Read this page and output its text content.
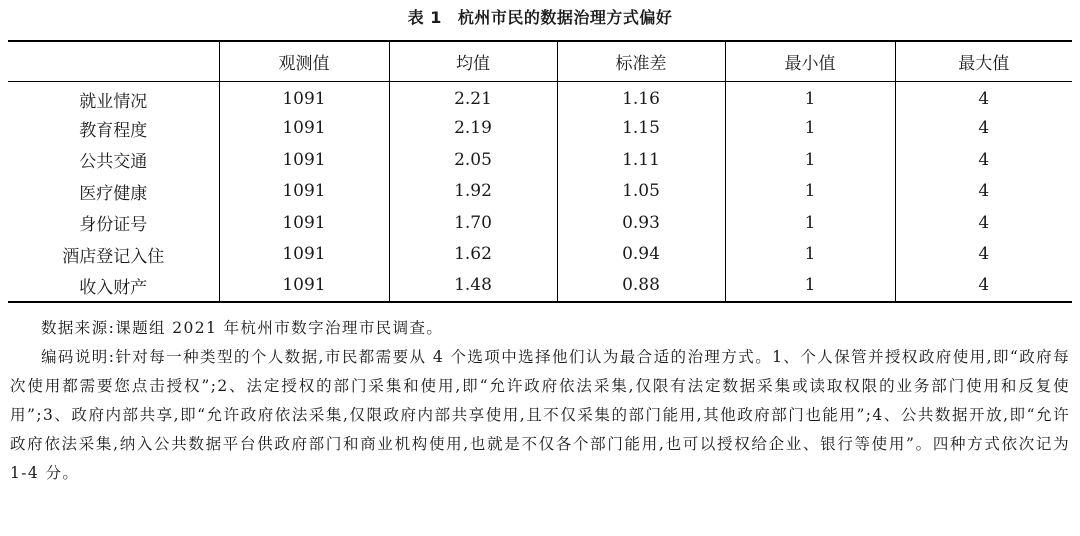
表 1 杭州市民的数据治理方式偏好
	观测值	均值	标准差	最小值	最大值
就业情况	1091	2.21	1.16	1	4
教育程度	1091	2.19	1.15	1	4
公共交通	1091	2.05	1.11	1	4
医疗健康	1091	1.92	1.05	1	4
身份证号	1091	1.70	0.93	1	4
酒店登记入住	1091	1.62	0.94	1	4
收入财产	1091	1.48	0.88	1	4

数据来源:课题组 2021 年杭州市数字治理市民调查。

编码说明:针对每一种类型的个人数据,市民都需要从 4 个选项中选择他们认为最合适的治理方式。1、个人保管并授权政府使用,即“政府每次使用都需要您点击授权”;2、法定授权的部门采集和使用,即“允许政府依法采集,仅限有法定数据采集或读取权限的业务部门使用和反复使用”;3、政府内部共享,即“允许政府依法采集,仅限政府内部共享使用,且不仅采集的部门能用,其他政府部门也能用”;4、公共数据开放,即“允许政府依法采集,纳入公共数据平台供政府部门和商业机构使用,也就是不仅各个部门能用,也可以授权给企业、银行等使用”。四种方式依次记为 1-4 分。
